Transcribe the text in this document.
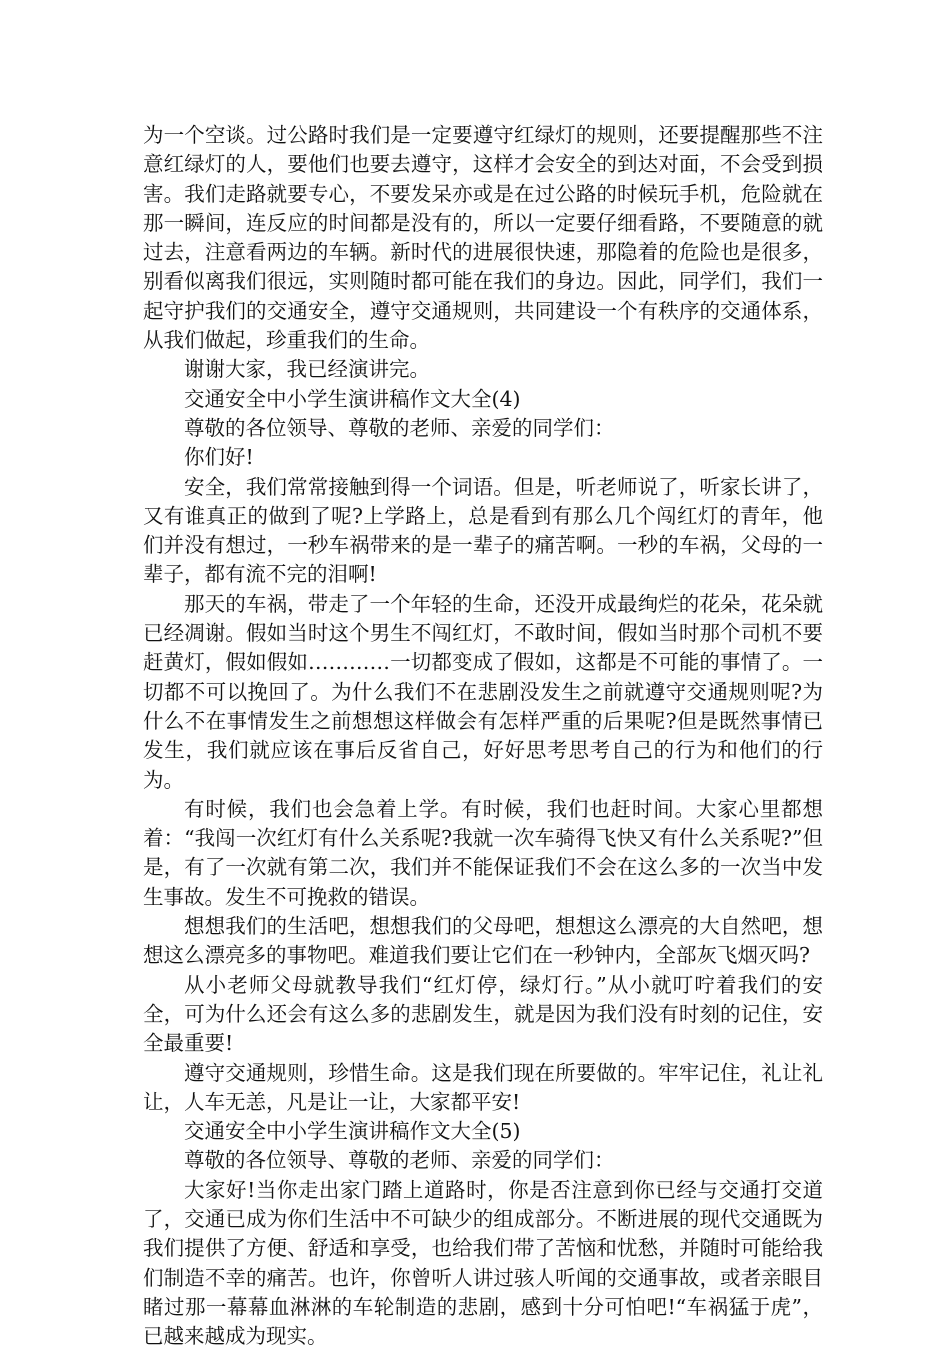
为一个空谈。过公路时我们是一定要遵守红绿灯的规则，还要提醒那些不注意红绿灯的人，要他们也要去遵守，这样才会安全的到达对面，不会受到损害。我们走路就要专心，不要发呆亦或是在过公路的时候玩手机，危险就在那一瞬间，连反应的时间都是没有的，所以一定要仔细看路，不要随意的就过去，注意看两边的车辆。新时代的进展很快速，那隐着的危险也是很多，别看似离我们很远，实则随时都可能在我们的身边。因此，同学们，我们一起守护我们的交通安全，遵守交通规则，共同建设一个有秩序的交通体系，从我们做起，珍重我们的生命。

谢谢大家，我已经演讲完。

交通安全中小学生演讲稿作文大全(4)

尊敬的各位领导、尊敬的老师、亲爱的同学们：

你们好!

安全，我们常常接触到得一个词语。但是，听老师说了，听家长讲了，又有谁真正的做到了呢?上学路上，总是看到有那么几个闯红灯的青年，他们并没有想过，一秒车祸带来的是一辈子的痛苦啊。一秒的车祸，父母的一辈子，都有流不完的泪啊!

那天的车祸，带走了一个年轻的生命，还没开成最绚烂的花朵，花朵就已经凋谢。假如当时这个男生不闯红灯，不敢时间，假如当时那个司机不要赶黄灯，假如假如…………一切都变成了假如，这都是不可能的事情了。一切都不可以挽回了。为什么我们不在悲剧没发生之前就遵守交通规则呢?为什么不在事情发生之前想想这样做会有怎样严重的后果呢?但是既然事情已发生，我们就应该在事后反省自己，好好思考思考自己的行为和他们的行为。

有时候，我们也会急着上学。有时候，我们也赶时间。大家心里都想着：“我闯一次红灯有什么关系呢?我就一次车骑得飞快又有什么关系呢?”但是，有了一次就有第二次，我们并不能保证我们不会在这么多的一次当中发生事故。发生不可挽救的错误。

想想我们的生活吧，想想我们的父母吧，想想这么漂亮的大自然吧，想想这么漂亮多的事物吧。难道我们要让它们在一秒钟内，全部灰飞烟灭吗?

从小老师父母就教导我们“红灯停，绿灯行。”从小就叮咛着我们的安全，可为什么还会有这么多的悲剧发生，就是因为我们没有时刻的记住，安全最重要!

遵守交通规则，珍惜生命。这是我们现在所要做的。牢牢记住，礼让礼让，人车无恙，凡是让一让，大家都平安!

交通安全中小学生演讲稿作文大全(5)

尊敬的各位领导、尊敬的老师、亲爱的同学们：

大家好!当你走出家门踏上道路时，你是否注意到你已经与交通打交道了，交通已成为你们生活中不可缺少的组成部分。不断进展的现代交通既为我们提供了方便、舒适和享受，也给我们带了苦恼和忧愁，并随时可能给我们制造不幸的痛苦。也许，你曾听人讲过骇人听闻的交通事故，或者亲眼目睹过那一幕幕血淋淋的车轮制造的悲剧，感到十分可怕吧!“车祸猛于虎”，已越来越成为现实。
